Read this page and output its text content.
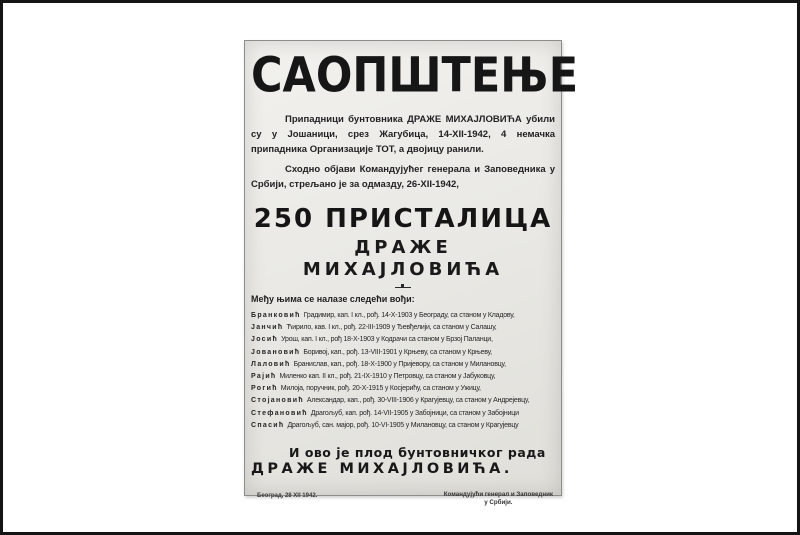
САОПШТЕЊЕ
Припадници бунтовника ДРАЖЕ МИХАЈЛОВИЋА убили су у Јошаници, срез Жагубица, 14-XII-1942, 4 немачка припадника Организације ТОТ, а двојицу ранили.
Сходно објави Командујућег генерала и Заповедника у Србији, стрељано је за одмазду, 26-XII-1942,
250 ПРИСТАЛИЦА
ДРАЖЕ МИХАЈЛОВИЋА
Међу њима се налазе следећи вођи:
Бранковић Градимир, кап. I кл., рођ. 14-X-1903 у Београду, са станом у Кладову,
Јанчић Ћирило, кав. I кл., рођ. 22-III-1909 у Ђевђелији, са станом у Салашу,
Јосић Урош, кап. I кл., рођ 18-X-1903 у Кодрачи са станом у Брзој Паланци,
Јовановић Боривој, кап., рођ. 13-VIII-1901 у Крњеву, са станом у Крњеву,
Лаловић Бранислав, кап., рођ. 18-X-1900 у Пријевору, са станом у Милановцу,
Рајић Миленко кап. II кл., рођ. 21-IX-1910 у Петровцу, са станом у Јабуковцу,
Рогић Милоја, поручник, рођ. 20-X-1915 у Косјерићу, са станом у Ужицу,
Стојановић Александар, кап., рођ. 30-VIII-1906 у Крагујевцу, са станом у Андрејевцу,
Стефановић Драгољуб, кап. рођ. 14-VII-1905 у Забојници, са станом у Забојници
Спасић Драгољуб, сан. мајор, рођ. 10-VI-1905 у Милановцу, са станом у Крагујевцу
И ово је плод бунтовничког рада
ДРАЖЕ МИХАЈЛОВИЋА.
Београд, 28 XII 1942.	Командујући генерал и Заповедник
у Србији.
